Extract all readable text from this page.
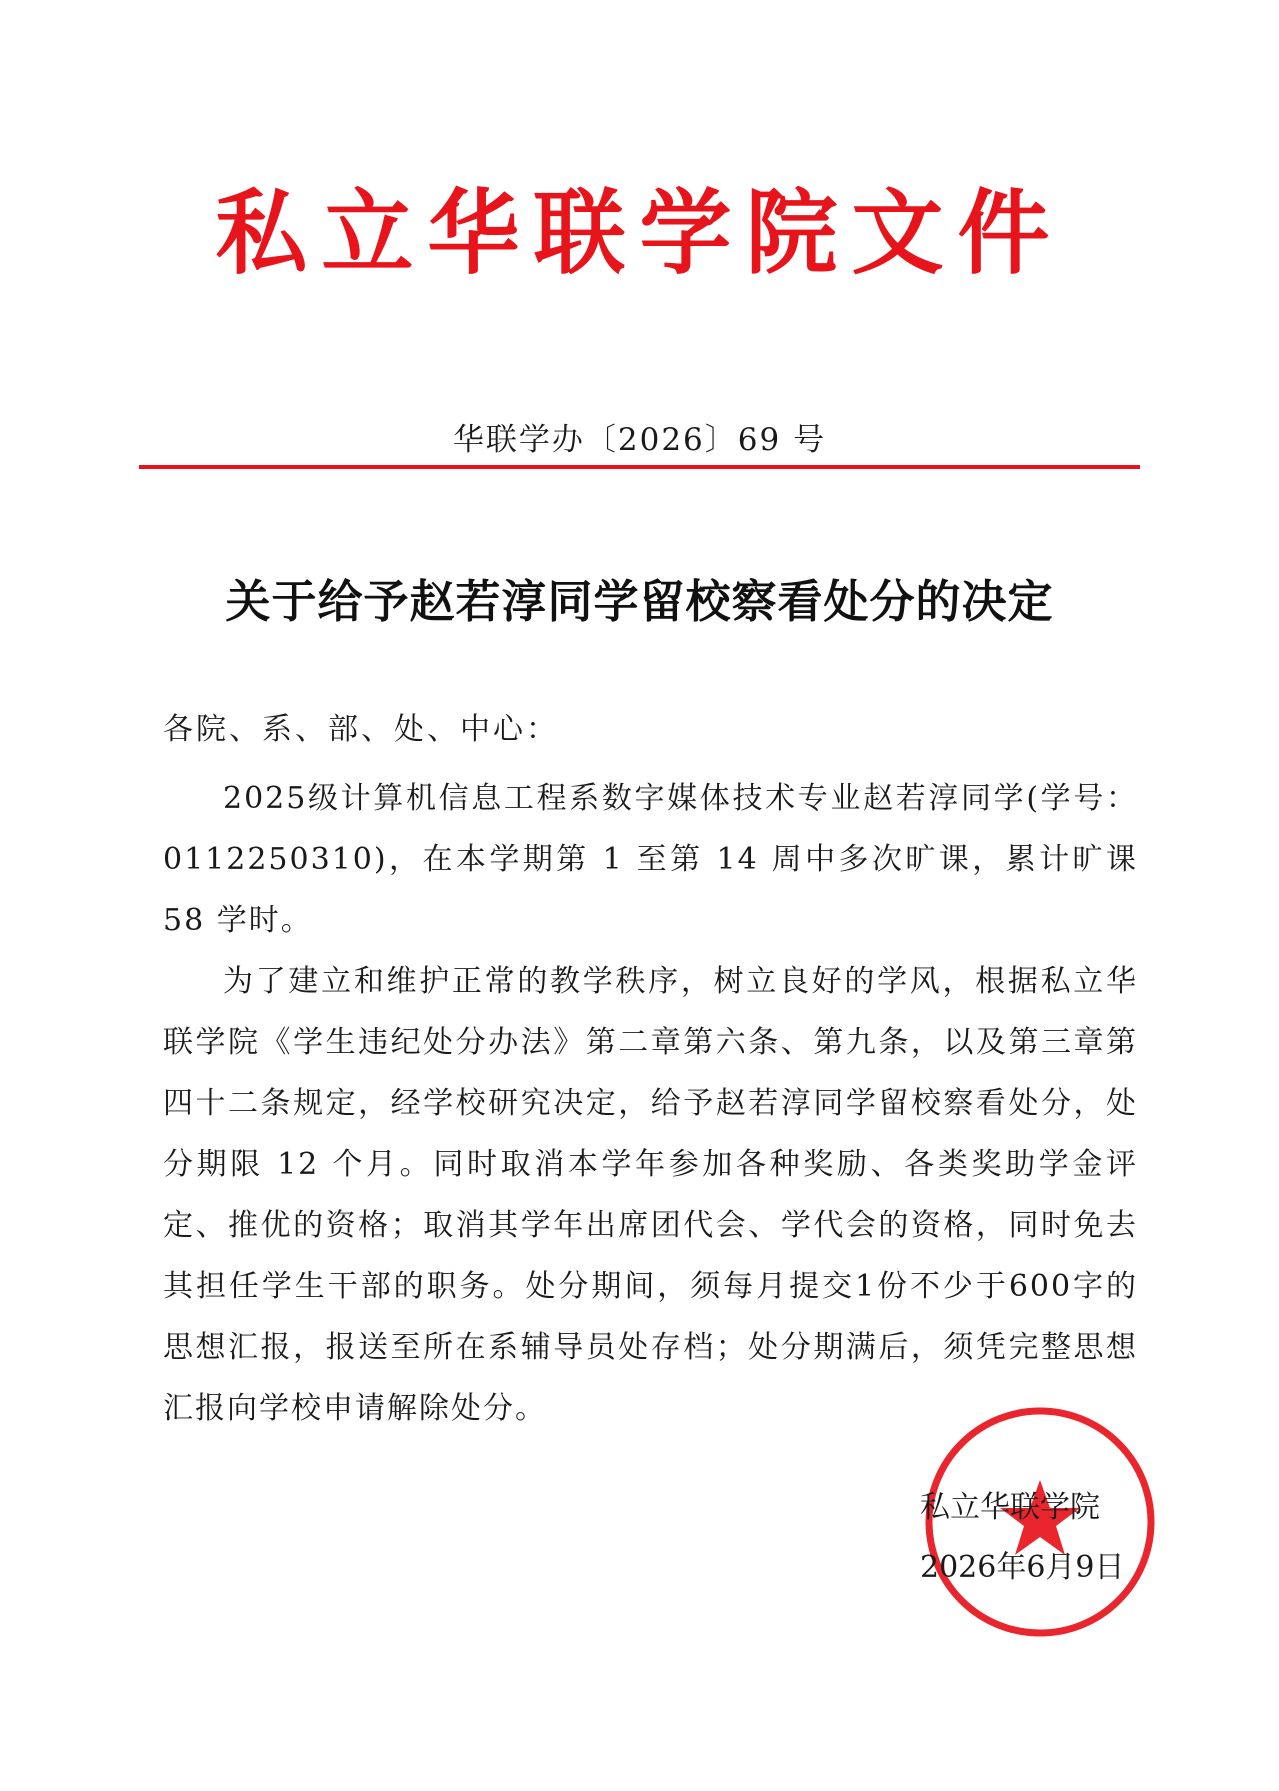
私立华联学院文件
华联学办〔2026〕69 号
关于给予赵若淳同学留校察看处分的决定
各院、系、部、处、中心：

2025级计算机信息工程系数字媒体技术专业赵若淳同学(学号：0112250310)，在本学期第 1 至第 14 周中多次旷课，累计旷课 58 学时。

为了建立和维护正常的教学秩序，树立良好的学风，根据私立华联学院《学生违纪处分办法》第二章第六条、第九条，以及第三章第四十二条规定，经学校研究决定，给予赵若淳同学留校察看处分，处分期限 12 个月。同时取消本学年参加各种奖励、各类奖助学金评定、推优的资格；取消其学年出席团代会、学代会的资格，同时免去其担任学生干部的职务。处分期间，须每月提交1份不少于600字的思想汇报，报送至所在系辅导员处存档；处分期满后，须凭完整思想汇报向学校申请解除处分。

私立华联学院
2026年6月9日
